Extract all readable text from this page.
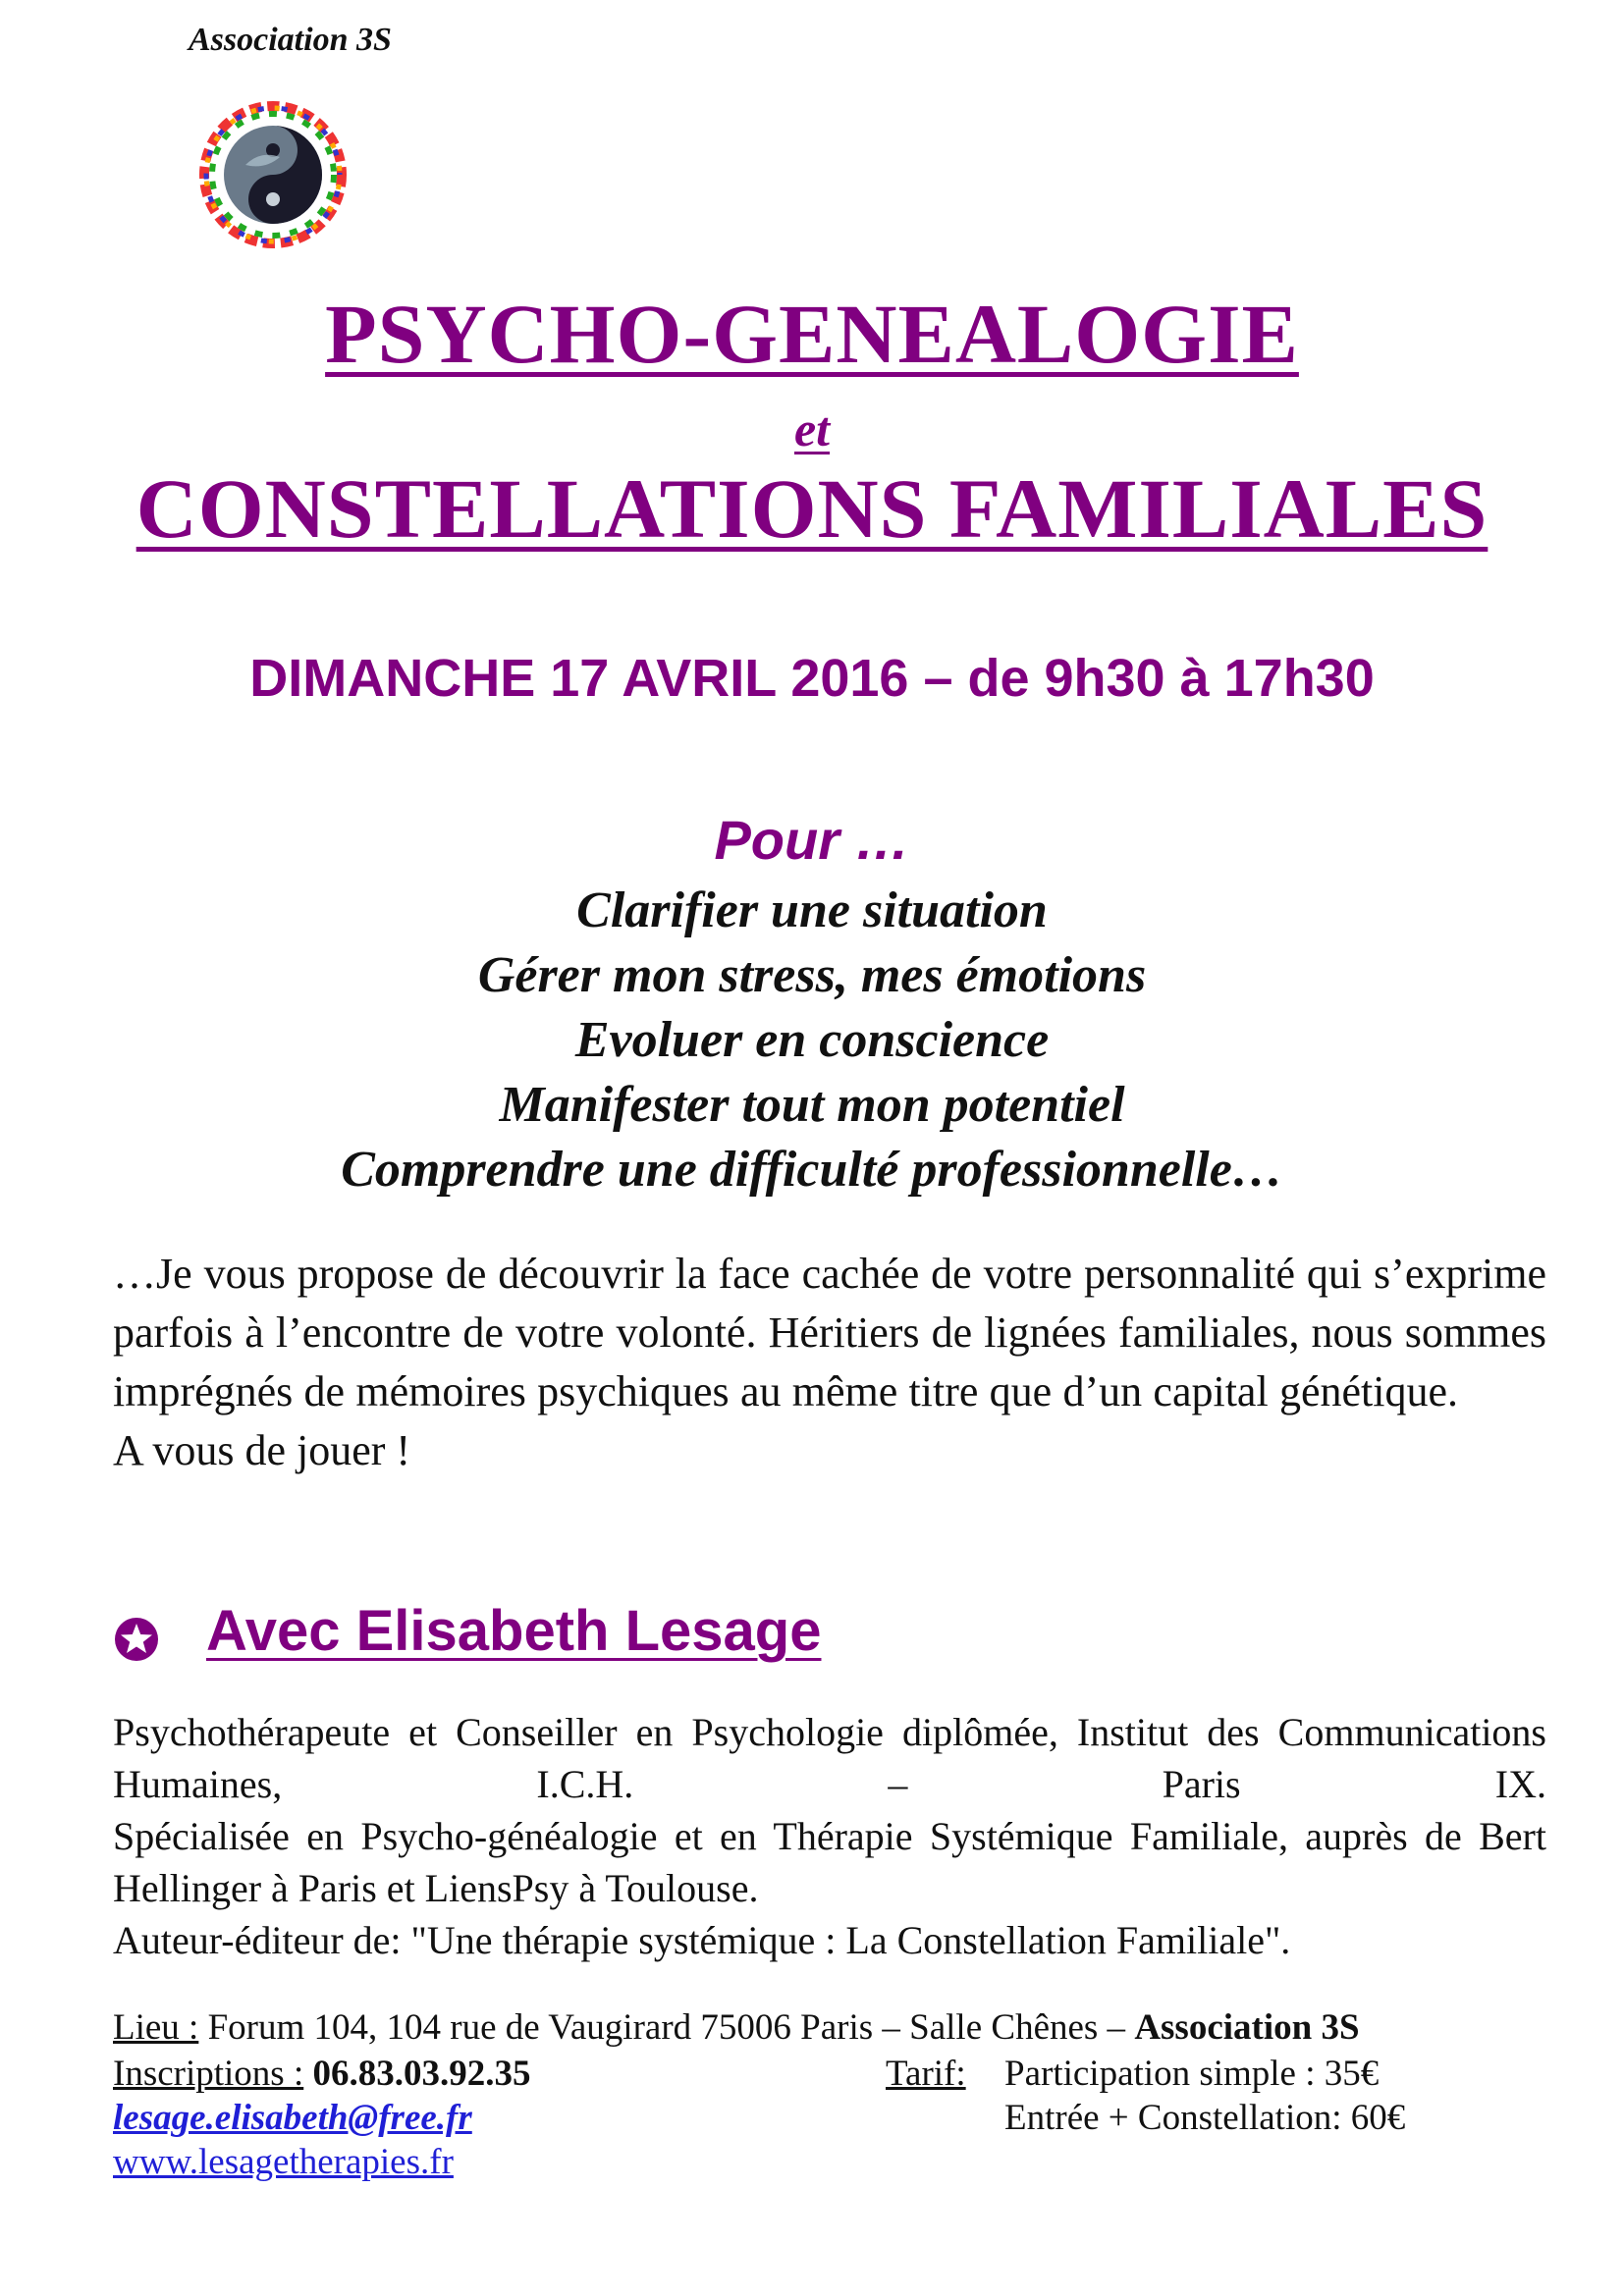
Association 3S
PSYCHO-GENEALOGIE
et
CONSTELLATIONS FAMILIALES
DIMANCHE 17 AVRIL 2016 – de 9h30 à 17h30
Pour …
Clarifier une situation
Gérer mon stress, mes émotions
Evoluer en conscience
Manifester tout mon potentiel
Comprendre une difficulté professionnelle…
…Je vous propose de découvrir la face cachée de votre personnalité qui s’exprime parfois à l’encontre de votre volonté. Héritiers de lignées familiales, nous sommes imprégnés de mémoires psychiques au même titre que d’un capital génétique.A vous de jouer !
Avec Elisabeth Lesage

Psychothérapeute et Conseiller en Psychologie diplômée, Institut des Communications Humaines, I.C.H. – Paris IX.

Spécialisée en Psycho-généalogie et en Thérapie Systémique Familiale, auprès de Bert Hellinger à Paris et LiensPsy à Toulouse.

Auteur-éditeur de: "Une thérapie systémique : La Constellation Familiale".

Lieu : Forum 104, 104 rue de Vaugirard 75006 Paris – Salle Chênes – Association 3S
Inscriptions : 06.83.03.92.35	Tarif: Participation simple : 35€
Entrée + Constellation: 60€
lesage.elisabeth@free.fr
www.lesagetherapies.fr
